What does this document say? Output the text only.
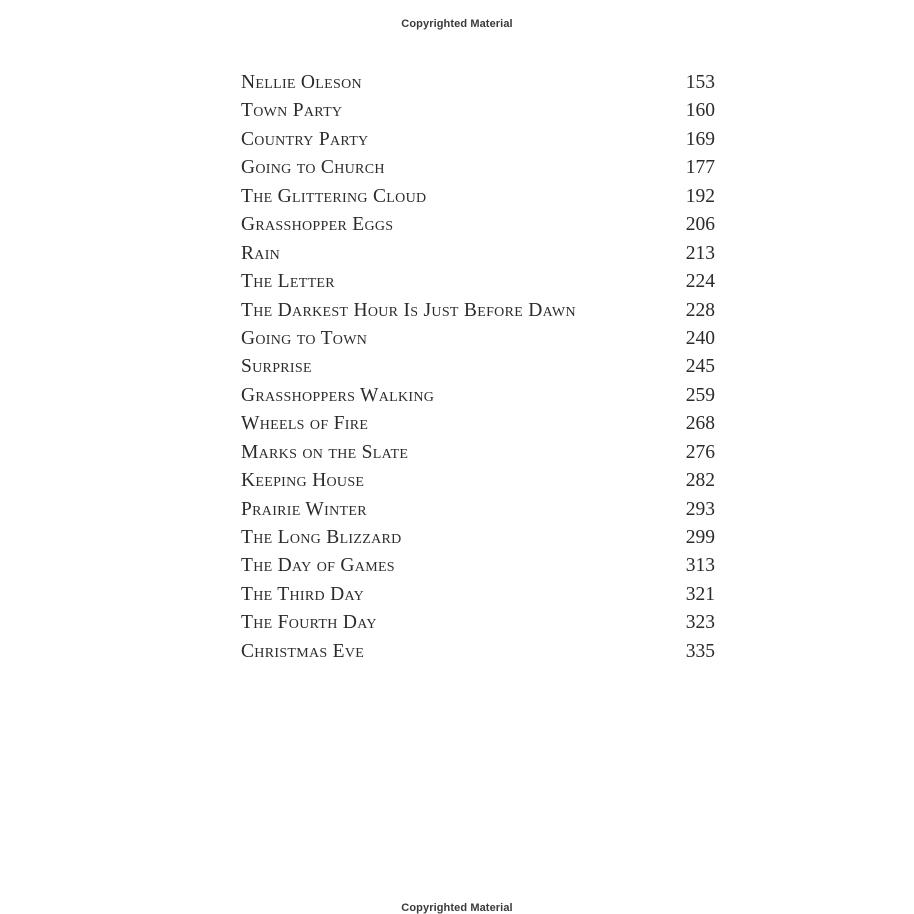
Copyrighted Material
Nellie Oleson	153
Town Party	160
Country Party	169
Going to Church	177
The Glittering Cloud	192
Grasshopper Eggs	206
Rain	213
The Letter	224
The Darkest Hour Is Just Before Dawn	228
Going to Town	240
Surprise	245
Grasshoppers Walking	259
Wheels of Fire	268
Marks on the Slate	276
Keeping House	282
Prairie Winter	293
The Long Blizzard	299
The Day of Games	313
The Third Day	321
The Fourth Day	323
Christmas Eve	335
Copyrighted Material
